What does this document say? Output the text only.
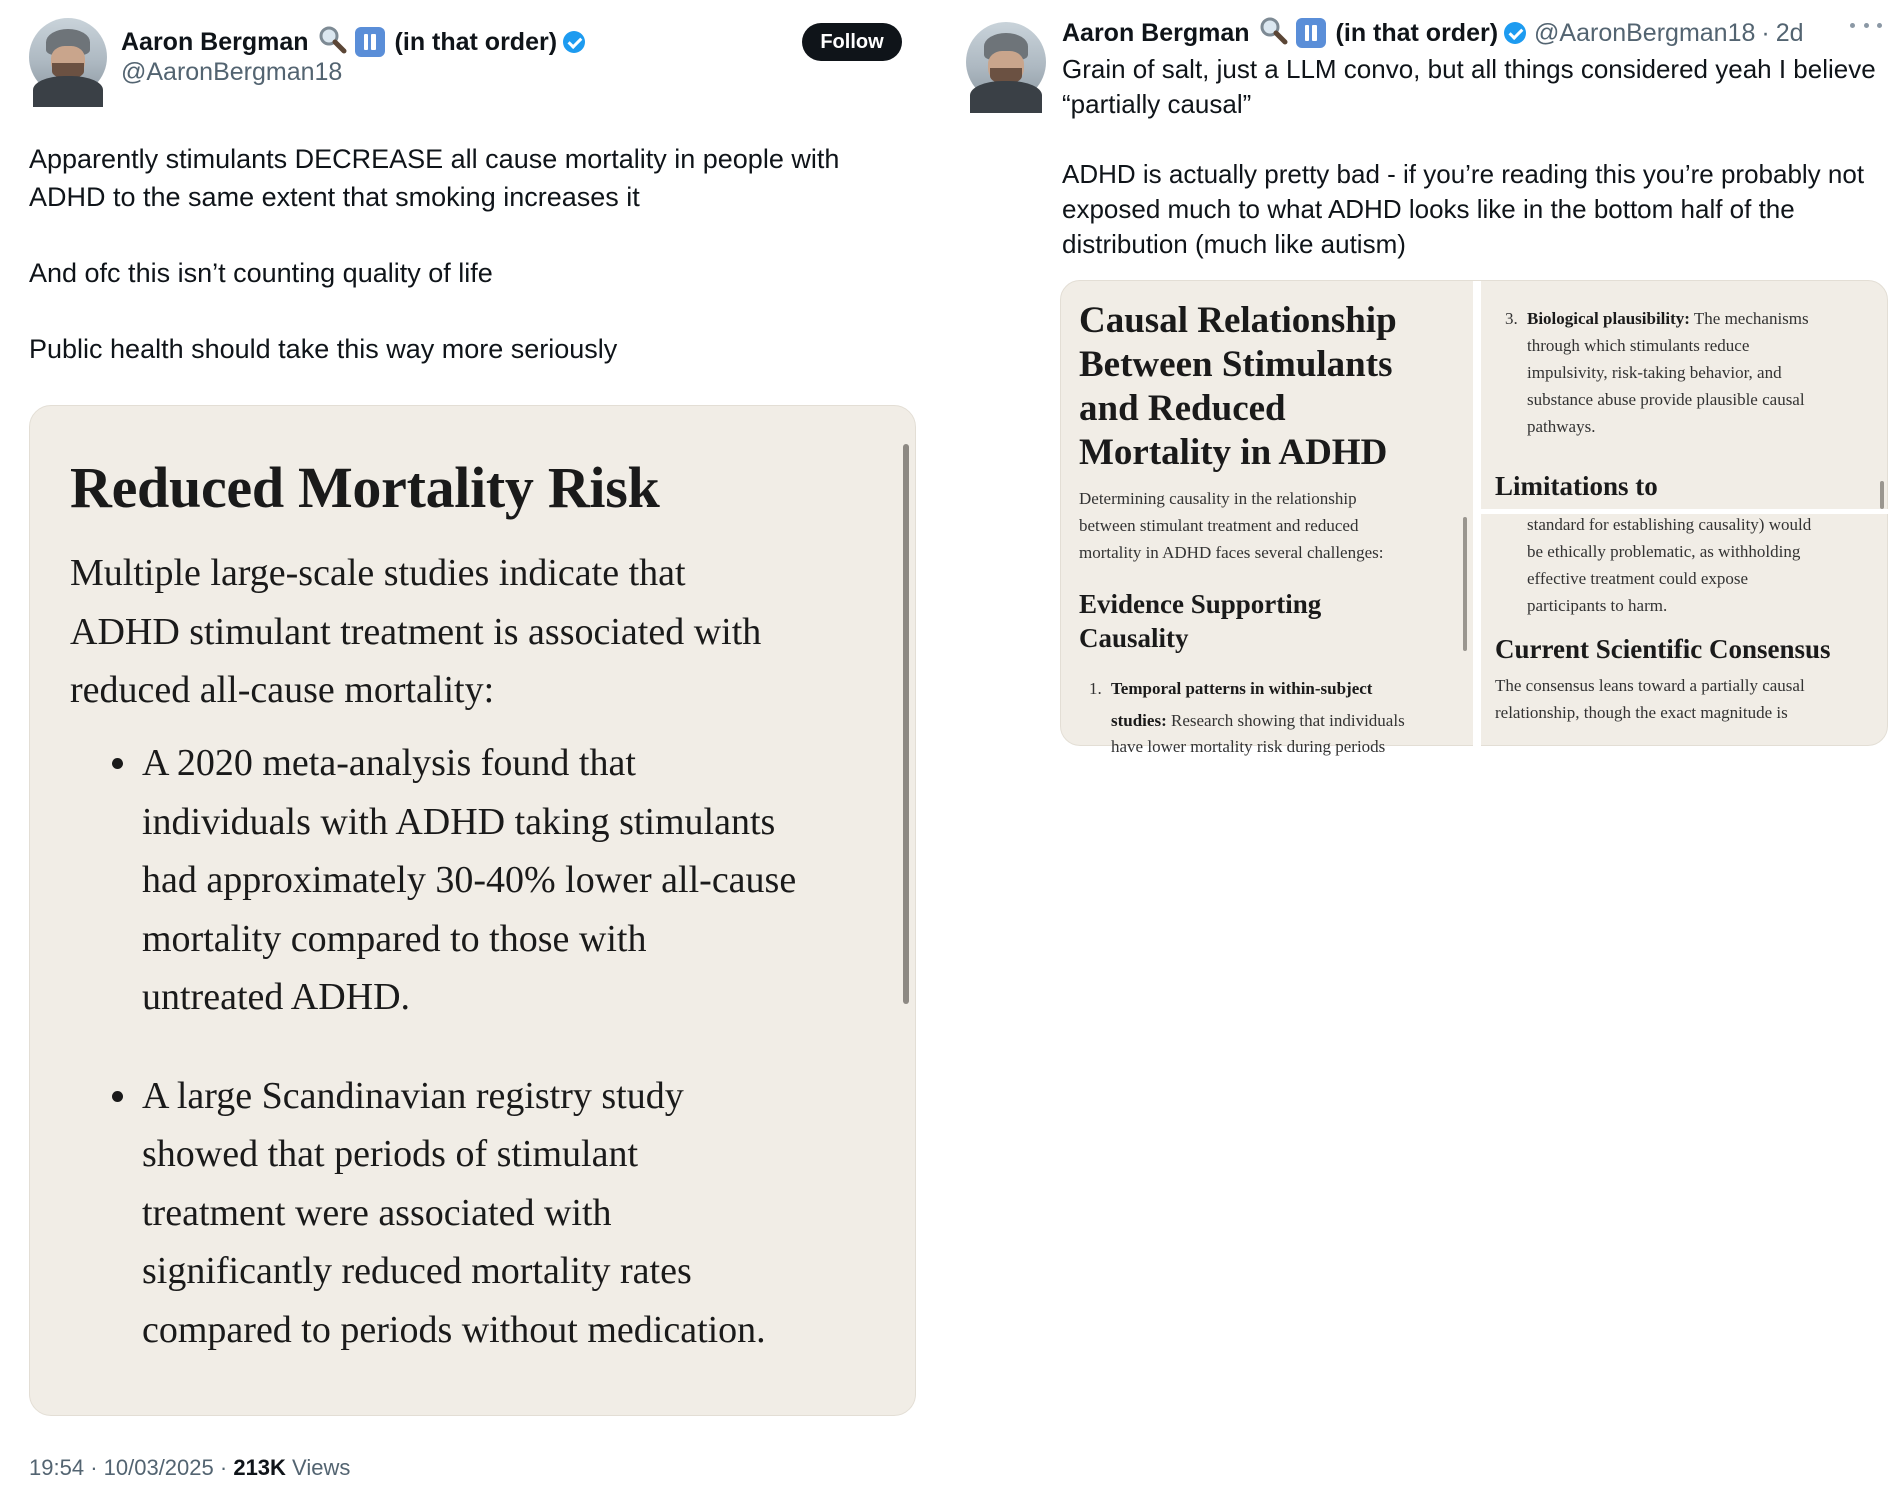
Aaron Bergman	(in that order)
@AaronBergman18
Follow

Apparently stimulants DECREASE all cause mortality in people with

ADHD to the same extent that smoking increases it

And ofc this isn’t counting quality of life

Public health should take this way more seriously

Reduced Mortality Risk

Multiple large-scale studies indicate that

ADHD stimulant treatment is associated with

reduced all-cause mortality:

A 2020 meta-analysis found that

individuals with ADHD taking stimulants

had approximately 30-40% lower all-cause

mortality compared to those with

untreated ADHD.

A large Scandinavian registry study

showed that periods of stimulant

treatment were associated with

significantly reduced mortality rates

compared to periods without medication.

19:54 · 10/03/2025 · 213K Views
Aaron Bergman	(in that order) @AaronBergman18 · 2d

Grain of salt, just a LLM convo, but all things considered yeah I believe

“partially causal”

ADHD is actually pretty bad - if you’re reading this you’re probably not

exposed much to what ADHD looks like in the bottom half of the

distribution (much like autism)

Causal Relationship

Between Stimulants

and Reduced

Mortality in ADHD

Determining causality in the relationship

between stimulant treatment and reduced

mortality in ADHD faces several challenges:

Evidence Supporting

Causality

1. Temporal patterns in within-subject

studies: Research showing that individuals

have lower mortality risk during periods

3. Biological plausibility: The mechanisms

through which stimulants reduce

impulsivity, risk-taking behavior, and

substance abuse provide plausible causal

pathways.

Limitations to

standard for establishing causality) would

be ethically problematic, as withholding

effective treatment could expose

participants to harm.

Current Scientific Consensus

The consensus leans toward a partially causal

relationship, though the exact magnitude is
